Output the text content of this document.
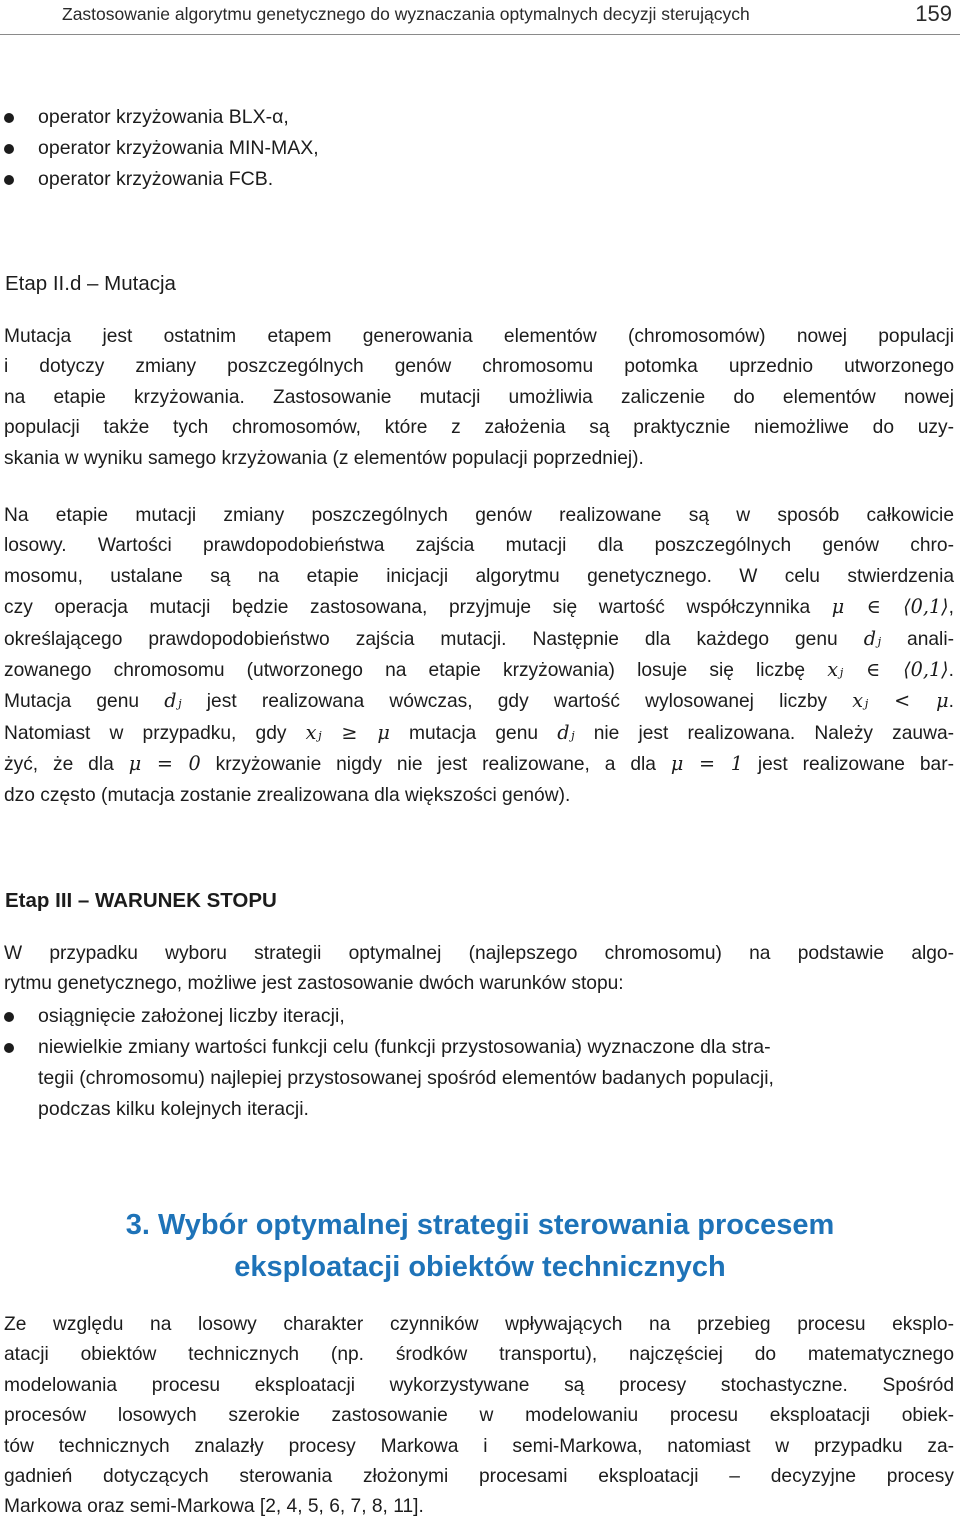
Zastosowanie algorytmu genetycznego do wyznaczania optymalnych decyzji sterujących	159
operator krzyżowania BLX-α,
operator krzyżowania MIN-MAX,
operator krzyżowania FCB.
Etap II.d – Mutacja
Mutacja jest ostatnim etapem generowania elementów (chromosomów) nowej populacji
i dotyczy zmiany poszczególnych genów chromosomu potomka uprzednio utworzonego
na etapie krzyżowania. Zastosowanie mutacji umożliwia zaliczenie do elementów nowej
populacji także tych chromosomów, które z założenia są praktycznie niemożliwe do uzy-
skania w wyniku samego krzyżowania (z elementów populacji poprzedniej).
Na etapie mutacji zmiany poszczególnych genów realizowane są w sposób całkowicie
losowy. Wartości prawdopodobieństwa zajścia mutacji dla poszczególnych genów chro-
mosomu, ustalane są na etapie inicjacji algorytmu genetycznego. W celu stwierdzenia
czy operacja mutacji będzie zastosowana, przyjmuje się wartość współczynnika μ ∈ ⟨0,1⟩,
określającego prawdopodobieństwo zajścia mutacji. Następnie dla każdego genu dⱼ anali-
zowanego chromosomu (utworzonego na etapie krzyżowania) losuje się liczbę xⱼ ∈ ⟨0,1⟩.
Mutacja genu dⱼ jest realizowana wówczas, gdy wartość wylosowanej liczby xⱼ < μ.
Natomiast w przypadku, gdy xⱼ ≥ μ mutacja genu dⱼ nie jest realizowana. Należy zauwa-
żyć, że dla μ = 0 krzyżowanie nigdy nie jest realizowane, a dla μ = 1 jest realizowane bar-
dzo często (mutacja zostanie zrealizowana dla większości genów).
Etap III – WARUNEK STOPU
W przypadku wyboru strategii optymalnej (najlepszego chromosomu) na podstawie algo-
rytmu genetycznego, możliwe jest zastosowanie dwóch warunków stopu:
osiągnięcie założonej liczby iteracji,
niewielkie zmiany wartości funkcji celu (funkcji przystosowania) wyznaczone dla stra-
tegii (chromosomu) najlepiej przystosowanej spośród elementów badanych populacji,
podczas kilku kolejnych iteracji.
3. Wybór optymalnej strategii sterowania procesem
eksploatacji obiektów technicznych
Ze względu na losowy charakter czynników wpływających na przebieg procesu eksplo-
atacji obiektów technicznych (np. środków transportu), najczęściej do matematycznego
modelowania procesu eksploatacji wykorzystywane są procesy stochastyczne. Spośród
procesów losowych szerokie zastosowanie w modelowaniu procesu eksploatacji obiek-
tów technicznych znalazły procesy Markowa i semi-Markowa, natomiast w przypadku za-
gadnień dotyczących sterowania złożonymi procesami eksploatacji – decyzyjne procesy
Markowa oraz semi-Markowa [2, 4, 5, 6, 7, 8, 11].
